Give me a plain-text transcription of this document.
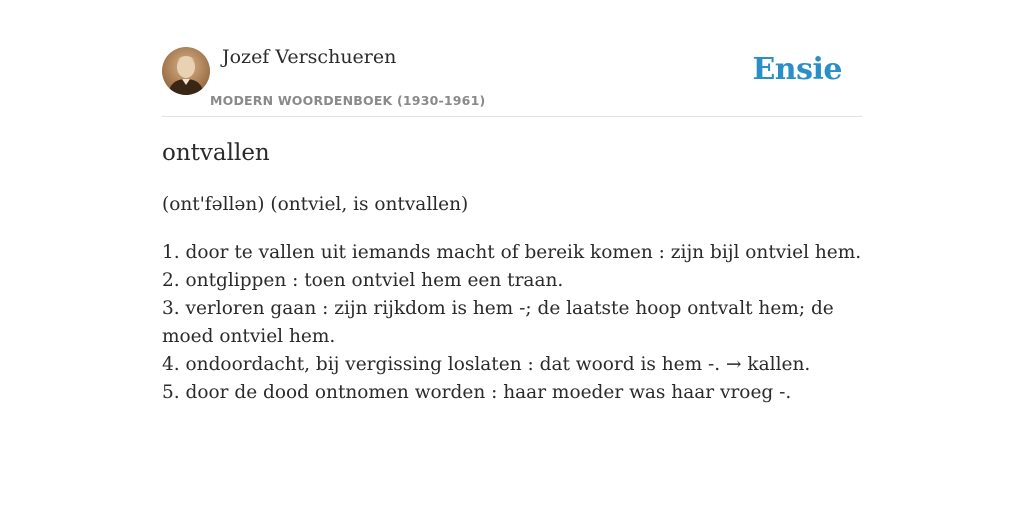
Jozef Verschueren
MODERN WOORDENBOEK (1930-1961)
Ensie
ontvallen
(ont'fəllən) (ontviel, is ontvallen)
1. door te vallen uit iemands macht of bereik komen : zijn bijl ontviel hem.
2. ontglippen : toen ontviel hem een traan.
3. verloren gaan : zijn rijkdom is hem -; de laatste hoop ontvalt hem; de moed ontviel hem.
4. ondoordacht, bij vergissing loslaten : dat woord is hem -. → kallen.
5. door de dood ontnomen worden : haar moeder was haar vroeg -.
